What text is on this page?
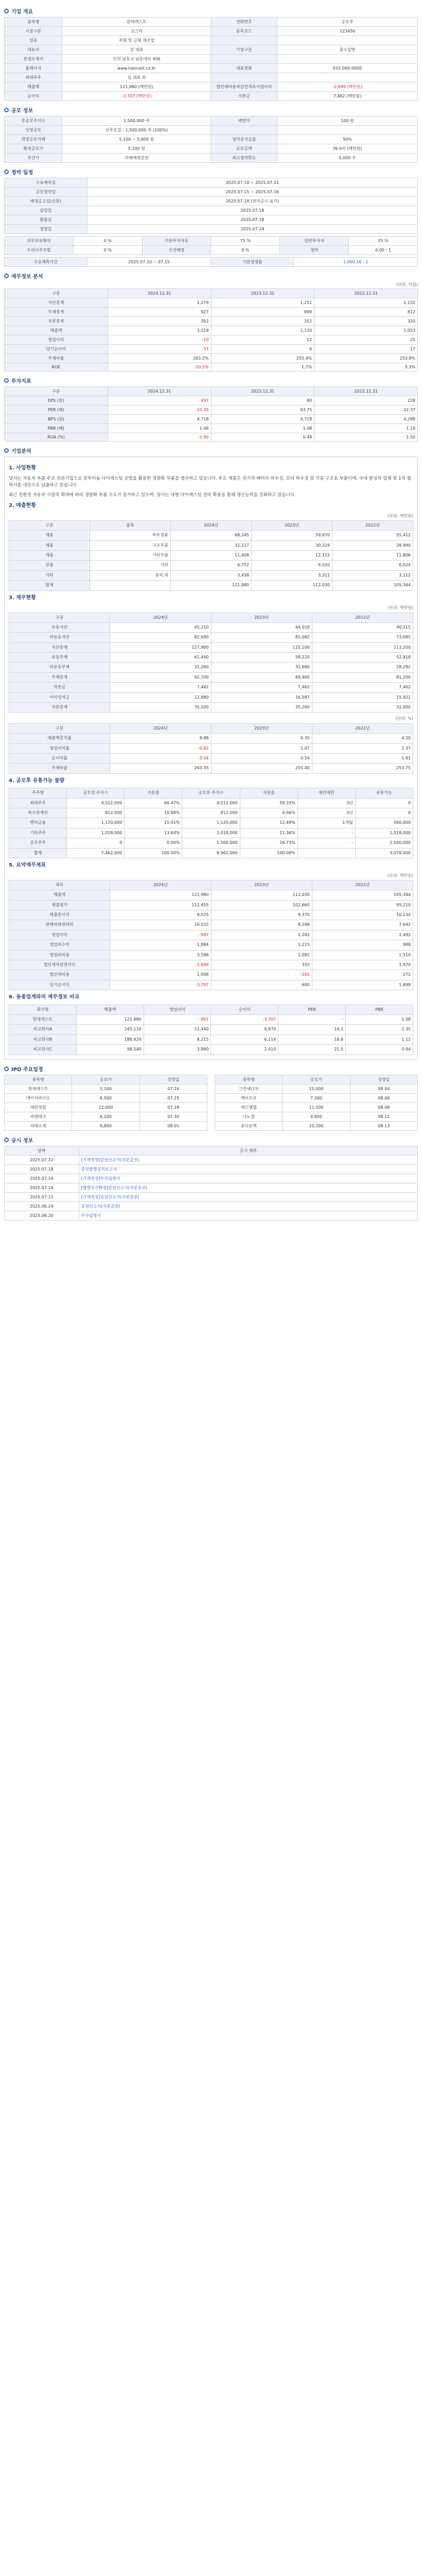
기업 개요
종목명	한대캐스트	전화번호	공모주
시장구분	코스닥	종목코드	123456
업종	주형 및 금형 제조업		
대표자	김 대표	기업구분	중소일반
본점소재지	인천 남동구 남동대로 456		
홈페이지	www.hancast.co.kr	대표전화	032-000-0000
최대주주	김 대표 외		
매출액	121,980 (백만원)	법인세비용차감전계속사업이익	-2,699 (백만원)
순이익	-3,707 (백만원)	자본금	7,462 (백만원)
공모 정보
총공모주식수	1,500,000 주	액면가	100 원
상장공모	신주모집 : 1,500,000 주 (100%)		
희망공모가액	5,100 ~ 5,800 원	청약증거금율	50%
확정공모가	5,100 원	공모금액	76.5억 (백만원)
주간사	미래에셋증권	최고청약한도	5,000 주
청약 일정
수요예측일	2025.07.10 ~ 2025.07.11
공모청약일	2025.07.15 ~ 2025.07.16
배정공고일(신문)	2025.07.18 (전자공시 표기)
납입일	2025.07.18
환불일	2025.07.18
상장일	2025.07.24
의무보유확약	0 %	기관투자자등	75 %	일반투자자	25 %
우리사주조합	0 %	우선배정	0 %	청약	0.00 : 1
수요예측기간	2025.07.10 ~ 07.15	기관경쟁률	1,060.16 : 1
재무정보 분석
(단위: 억원)
구분	2024.12.31	2023.12.31	2022.12.31
자산총계	1,279	1,251	1,132
부채총계	927	899	812
자본총계	352	352	320
매출액	1,219	1,120	1,053
영업이익	-10	12	25
당기순이익	-37	6	17
부채비율	263.2%	255.4%	253.8%
ROE	-10.5%	1.7%	5.3%
투자지표
구분	2024.12.31	2023.12.31	2022.12.31
EPS (원)	-497	80	228
PER (배)	-10.26	63.75	22.37
BPS (원)	4,718	4,718	4,288
PBR (배)	1.08	1.08	1.19
ROA (%)	-2.90	0.48	1.50
기업분석
1. 사업현황

당사는 자동차 부품 주조 전문기업으로 알루미늄 다이캐스팅 공법을 활용한 경량화 부품을 생산하고 있습니다. 주요 제품은 전기차 배터리 하우징, 모터 하우징 및 각종 구조용 부품이며, 국내 완성차 업체 및 1차 협력사를 대상으로 납품하고 있습니다.

최근 친환경 자동차 시장의 확대에 따라 경량화 부품 수요가 증가하고 있으며, 당사는 대형 다이캐스팅 설비 확충을 통해 생산능력을 강화하고 있습니다.

2. 매출현황
(단위: 백만원)
구분	품목	2024년	2023년	2022년
제품	하우징류	68,245	59,870	55,412
제품	구조부품	32,117	30,224	28,990
제품	기타부품	11,408	12,115	11,806
상품	기타	6,752	6,510	6,024
기타	용역 외	3,458	3,311	3,112
합계		121,980	112,030	105,344
3. 재무현황
(단위: 백만원)
구분	2024년	2023년	2022년
유동자산	45,210	44,018	40,115
비유동자산	82,690	81,082	73,085
자산총계	127,900	125,100	113,200
유동부채	61,440	58,220	52,918
비유동부채	31,260	31,680	28,282
부채총계	92,700	89,900	81,200
자본금	7,462	7,462	7,462
이익잉여금	12,880	16,587	15,921
자본총계	35,200	35,200	32,000
(단위: %)
구분	2024년	2023년	2022년
매출액증가율	8.88	6.35	4.20
영업이익률	-0.82	1.07	2.37
순이익률	-3.04	0.54	1.61
부채비율	263.35	255.40	253.75
4. 공모후 유통가능 물량
주주명	공모전 주식수	지분율	공모후 주식수	지분율	매각제한	유통가능
최대주주	4,512,000	60.47%	4,512,000	50.33%	3년	0
특수관계인	812,000	10.88%	812,000	9.06%	3년	0
벤처금융	1,120,000	15.01%	1,120,000	12.49%	1개월	560,000
기타주주	1,018,000	13.64%	1,018,000	11.36%	-	1,018,000
공모주주	0	0.00%	1,500,000	16.73%	-	1,500,000
합계	7,462,000	100.00%	8,962,000	100.00%		3,078,000
5. 요약재무제표
(단위: 백만원)
과목	2024년	2023년	2022년
매출액	121,980	112,030	105,344
매출원가	112,455	102,660	95,210
매출총이익	9,525	9,370	10,134
판매비와관리비	10,522	8,168	7,642
영업이익	-997	1,202	2,492
영업외수익	1,884	1,215	988
영업외비용	3,586	2,082	1,510
법인세차감전이익	-2,699	335	1,970
법인세비용	1,008	-265	272
당기순이익	-3,707	600	1,698
6. 동종업계와의 재무정보 비교
회사명	매출액	영업이익	순이익	PER	PBR
한대캐스트	121,980	-997	-3,707	-	1.08
비교회사A	245,110	12,440	9,870	14.2	1.35
비교회사B	188,420	8,215	6,114	16.8	1.12
비교회사C	98,540	3,880	2,410	21.5	0.94
IPO 주요일정
종목명	공모가	상장일
한대캐스트	5,100	07.24
에이치바이오	8,500	07.25
대한정밀	12,000	07.28
씨엔테크	6,200	07.30
미래소재	9,800	08.01
종목명	공모가	상장일
그린에너지	15,000	08.04
케이로보	7,300	08.06
에스엠랩	11,500	08.08
나노셀	4,800	08.11
유니온텍	10,200	08.13
공시 정보
날짜	공시 제목
2025.07.22	[기재정정]증권신고서(지분증권)
2025.07.18	증권발행실적보고서
2025.07.16	[기재정정]투자설명서
2025.07.14	[발행조건확정]증권신고서(지분증권)
2025.07.11	[기재정정]증권신고서(지분증권)
2025.06.24	증권신고서(지분증권)
2025.06.20	투자설명서
